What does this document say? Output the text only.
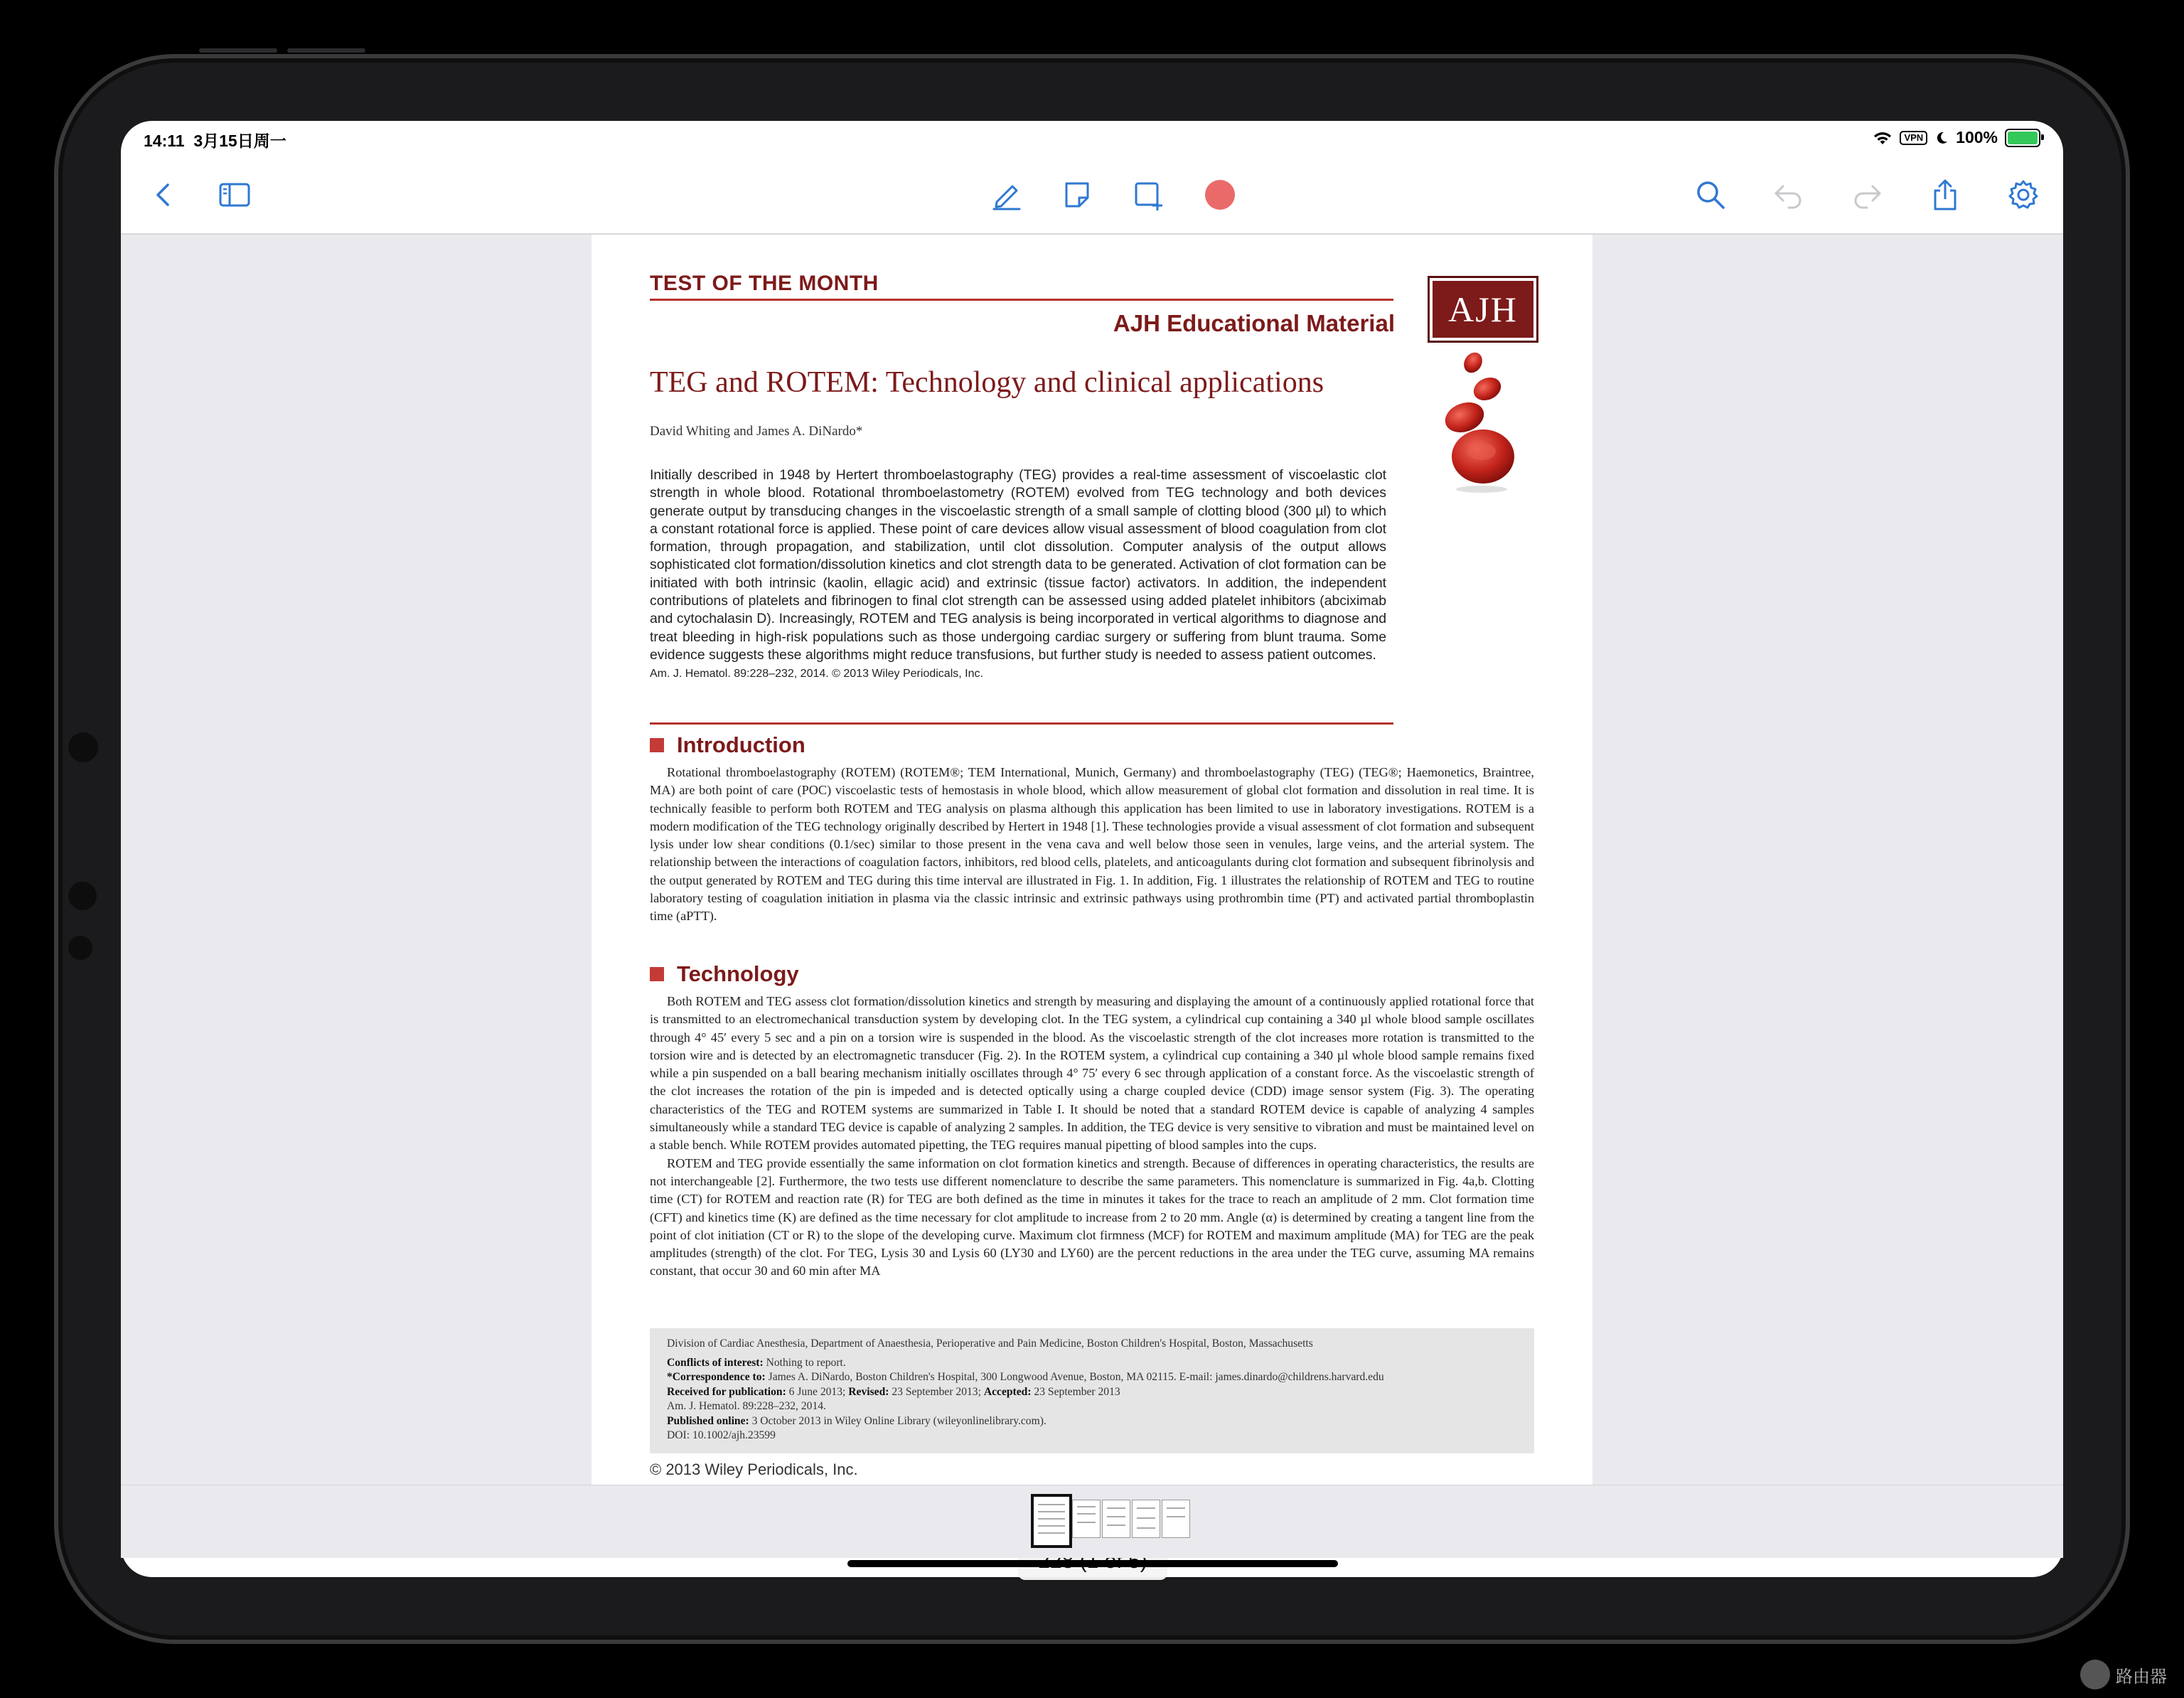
14:11 3月15日周一	VPN 100%
TEST OF THE MONTH
AJH Educational Material	AJH
TEG and ROTEM: Technology and clinical applications
David Whiting and James A. DiNardo*
Initially described in 1948 by Hertert thromboelastography (TEG) provides a real-time assessment of viscoelastic clot strength in whole blood. Rotational thromboelastometry (ROTEM) evolved from TEG technology and both devices generate output by transducing changes in the viscoelastic strength of a small sample of clotting blood (300 µl) to which a constant rotational force is applied. These point of care devices allow visual assessment of blood coagulation from clot formation, through propagation, and stabilization, until clot dissolution. Computer analysis of the output allows sophisticated clot formation/dissolution kinetics and clot strength data to be generated. Activation of clot formation can be initiated with both intrinsic (kaolin, ellagic acid) and extrinsic (tissue factor) activators. In addition, the independent contributions of platelets and fibrinogen to final clot strength can be assessed using added platelet inhibitors (abciximab and cytochalasin D). Increasingly, ROTEM and TEG analysis is being incorporated in vertical algorithms to diagnose and treat bleeding in high-risk populations such as those undergoing cardiac surgery or suffering from blunt trauma. Some evidence suggests these algorithms might reduce transfusions, but further study is needed to assess patient outcomes.
Am. J. Hematol. 89:228–232, 2014. © 2013 Wiley Periodicals, Inc.
Introduction

Rotational thromboelastography (ROTEM) (ROTEM®; TEM International, Munich, Germany) and thromboelastography (TEG) (TEG®; Haemonetics, Braintree, MA) are both point of care (POC) viscoelastic tests of hemostasis in whole blood, which allow measurement of global clot formation and dissolution in real time. It is technically feasible to perform both ROTEM and TEG analysis on plasma although this application has been limited to use in laboratory investigations. ROTEM is a modern modification of the TEG technology originally described by Hertert in 1948 [1]. These technologies provide a visual assessment of clot formation and subsequent lysis under low shear conditions (0.1/sec) similar to those present in the vena cava and well below those seen in venules, large veins, and the arterial system. The relationship between the interactions of coagulation factors, inhibitors, red blood cells, platelets, and anticoagulants during clot formation and subsequent fibrinolysis and the output generated by ROTEM and TEG during this time interval are illustrated in Fig. 1. In addition, Fig. 1 illustrates the relationship of ROTEM and TEG to routine laboratory testing of coagulation initiation in plasma via the classic intrinsic and extrinsic pathways using prothrombin time (PT) and activated partial thromboplastin time (aPTT).

Technology

Both ROTEM and TEG assess clot formation/dissolution kinetics and strength by measuring and displaying the amount of a continuously applied rotational force that is transmitted to an electromechanical transduction system by developing clot. In the TEG system, a cylindrical cup containing a 340 µl whole blood sample oscillates through 4° 45′ every 5 sec and a pin on a torsion wire is suspended in the blood. As the viscoelastic strength of the clot increases more rotation is transmitted to the torsion wire and is detected by an electromagnetic transducer (Fig. 2). In the ROTEM system, a cylindrical cup containing a 340 µl whole blood sample remains fixed while a pin suspended on a ball bearing mechanism initially oscillates through 4° 75′ every 6 sec through application of a constant force. As the viscoelastic strength of the clot increases the rotation of the pin is impeded and is detected optically using a charge coupled device (CDD) image sensor system (Fig. 3). The operating characteristics of the TEG and ROTEM systems are summarized in Table I. It should be noted that a standard ROTEM device is capable of analyzing 4 samples simultaneously while a standard TEG device is capable of analyzing 2 samples. In addition, the TEG device is very sensitive to vibration and must be maintained level on a stable bench. While ROTEM provides automated pipetting, the TEG requires manual pipetting of blood samples into the cups.

ROTEM and TEG provide essentially the same information on clot formation kinetics and strength. Because of differences in operating characteristics, the results are not interchangeable [2]. Furthermore, the two tests use different nomenclature to describe the same parameters. This nomenclature is summarized in Fig. 4a,b. Clotting time (CT) for ROTEM and reaction rate (R) for TEG are both defined as the time in minutes it takes for the trace to reach an amplitude of 2 mm. Clot formation time (CFT) and kinetics time (K) are defined as the time necessary for clot amplitude to increase from 2 to 20 mm. Angle (α) is determined by creating a tangent line from the point of clot initiation (CT or R) to the slope of the developing curve. Maximum clot firmness (MCF) for ROTEM and maximum amplitude (MA) for TEG are the peak amplitudes (strength) of the clot. For TEG, Lysis 30 and Lysis 60 (LY30 and LY60) are the percent reductions in the area under the TEG curve, assuming MA remains constant, that occur 30 and 60 min after MA

Division of Cardiac Anesthesia, Department of Anaesthesia, Perioperative and Pain Medicine, Boston Children's Hospital, Boston, Massachusetts
Conflicts of interest: Nothing to report.
*Correspondence to: James A. DiNardo, Boston Children's Hospital, 300 Longwood Avenue, Boston, MA 02115. E-mail: james.dinardo@childrens.harvard.edu
Received for publication: 6 June 2013; Revised: 23 September 2013; Accepted: 23 September 2013
Am. J. Hematol. 89:228–232, 2014.
Published online: 3 October 2013 in Wiley Online Library (wileyonlinelibrary.com).
DOI: 10.1002/ajh.23599
© 2013 Wiley Periodicals, Inc.
路由器
